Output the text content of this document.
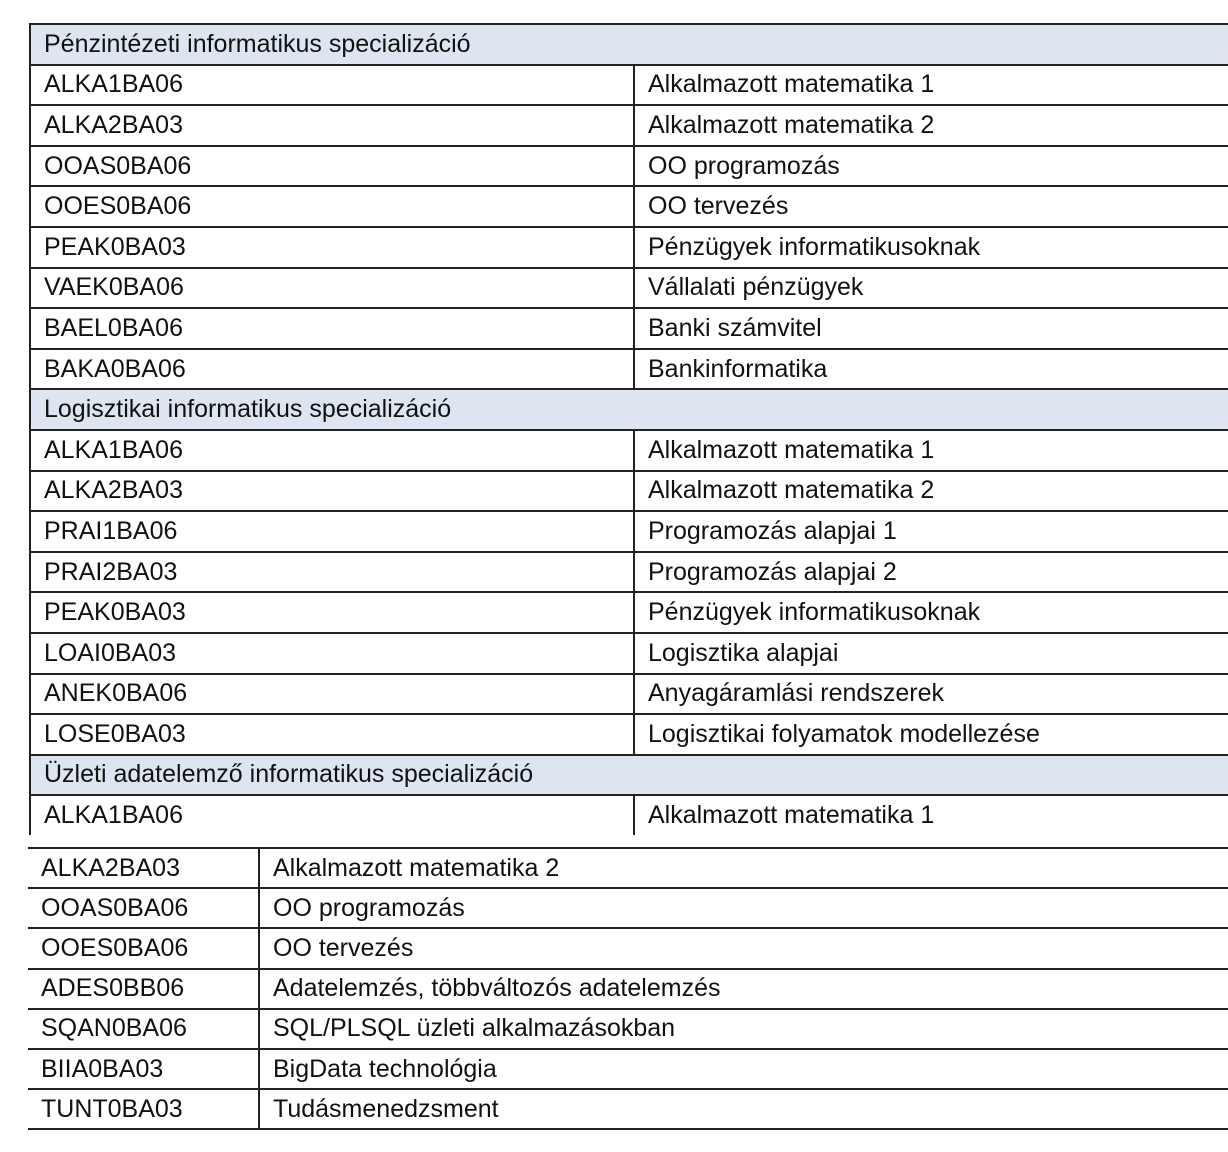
Pénzintézeti informatikus specializáció	
ALKA1BA06	Alkalmazott matematika 1
ALKA2BA03	Alkalmazott matematika 2
OOAS0BA06	OO programozás
OOES0BA06	OO tervezés
PEAK0BA03	Pénzügyek informatikusoknak
VAEK0BA06	Vállalati pénzügyek
BAEL0BA06	Banki számvitel
BAKA0BA06	Bankinformatika
Logisztikai informatikus specializáció	
ALKA1BA06	Alkalmazott matematika 1
ALKA2BA03	Alkalmazott matematika 2
PRAI1BA06	Programozás alapjai 1
PRAI2BA03	Programozás alapjai 2
PEAK0BA03	Pénzügyek informatikusoknak
LOAI0BA03	Logisztika alapjai
ANEK0BA06	Anyagáramlási rendszerek
LOSE0BA03	Logisztikai folyamatok modellezése
Üzleti adatelemző informatikus specializáció	
ALKA1BA06	Alkalmazott matematika 1
ALKA2BA03	Alkalmazott matematika 2
OOAS0BA06	OO programozás
OOES0BA06	OO tervezés
ADES0BB06	Adatelemzés, többváltozós adatelemzés
SQAN0BA06	SQL/PLSQL üzleti alkalmazásokban
BIIA0BA03	BigData technológia
TUNT0BA03	Tudásmenedzsment
